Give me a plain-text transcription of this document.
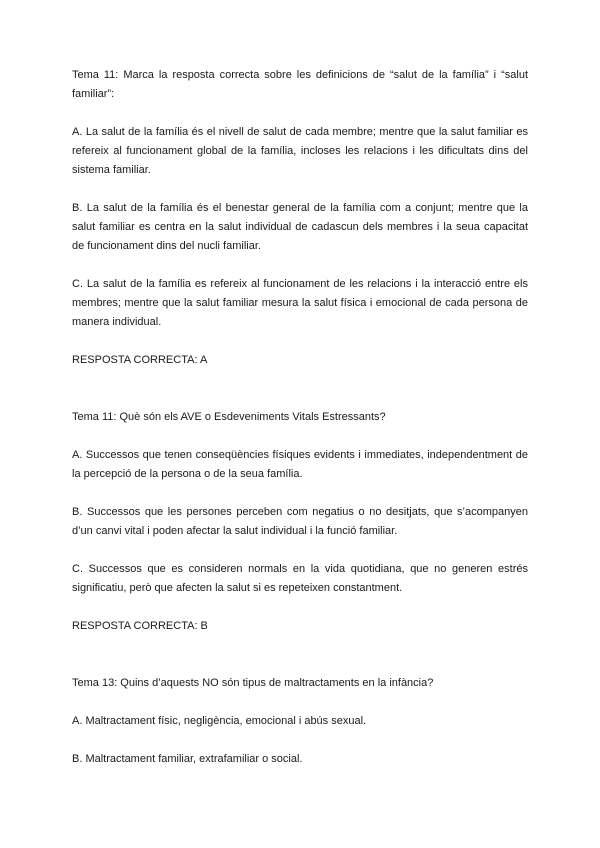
Tema 11: Marca la resposta correcta sobre les definicions de “salut de la família” i “salut familiar”:

A. La salut de la família és el nivell de salut de cada membre; mentre que la salut familiar es refereix al funcionament global de la família, incloses les relacions i les dificultats dins del sistema familiar.

B. La salut de la família és el benestar general de la família com a conjunt; mentre que la salut familiar es centra en la salut individual de cadascun dels membres i la seua capacitat de funcionament dins del nucli familiar.

C. La salut de la família es refereix al funcionament de les relacions i la interacció entre els membres; mentre que la salut familiar mesura la salut física i emocional de cada persona de manera individual.

RESPOSTA CORRECTA: A

Tema 11: Què són els AVE o Esdeveniments Vitals Estressants?

A. Successos que tenen conseqüències físiques evidents i immediates, independentment de la percepció de la persona o de la seua família.

B. Successos que les persones perceben com negatius o no desitjats, que s’acompanyen d’un canvi vital i poden afectar la salut individual i la funció familiar.

C. Successos que es consideren normals en la vida quotidiana, que no generen estrés significatiu, però que afecten la salut si es repeteixen constantment.

RESPOSTA CORRECTA: B

Tema 13: Quins d’aquests NO són tipus de maltractaments en la infància?

A. Maltractament físic, negligència, emocional i abús sexual.

B. Maltractament familiar, extrafamiliar o social.
